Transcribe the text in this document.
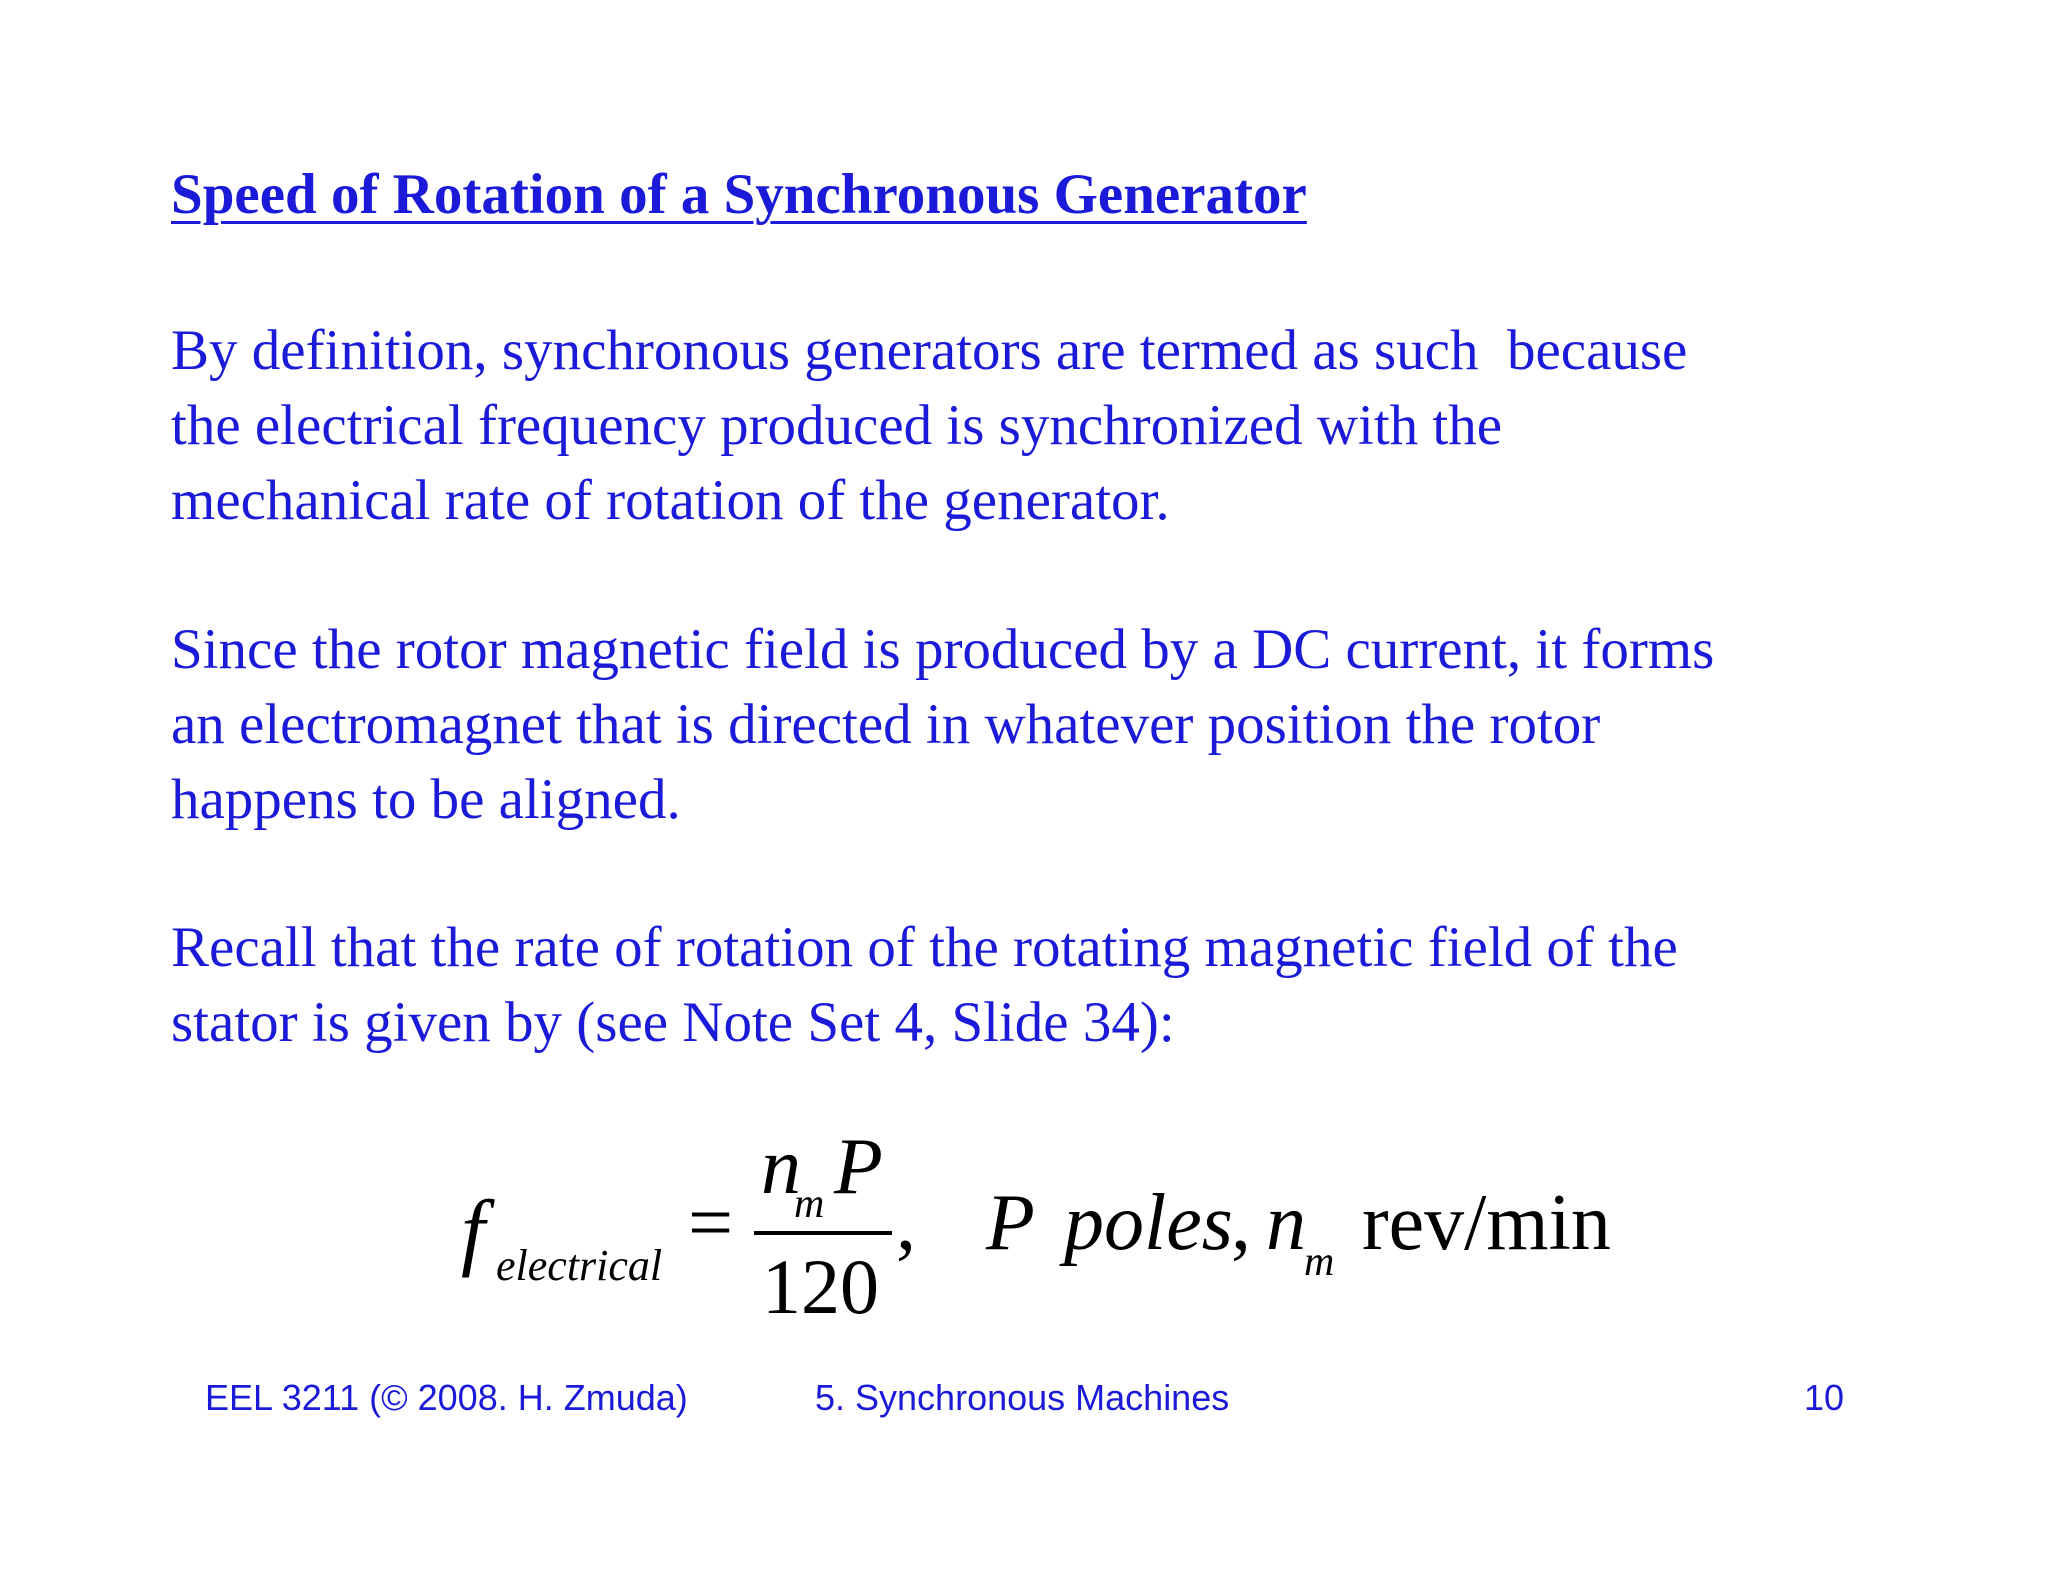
Speed of Rotation of a Synchronous Generator
By definition, synchronous generators are termed as such  because
the electrical frequency produced is synchronized with the
mechanical rate of rotation of the generator.
Since the rotor magnetic field is produced by a DC current, it forms
an electromagnet that is directed in whatever position the rotor
happens to be aligned.
Recall that the rate of rotation of the rotating magnetic field of the
stator is given by (see Note Set 4, Slide 34):
f electrical =
n
m P
120
, P poles
, n
m rev/min
EEL 3211 (© 2008. H. Zmuda)	5. Synchronous Machines	10
